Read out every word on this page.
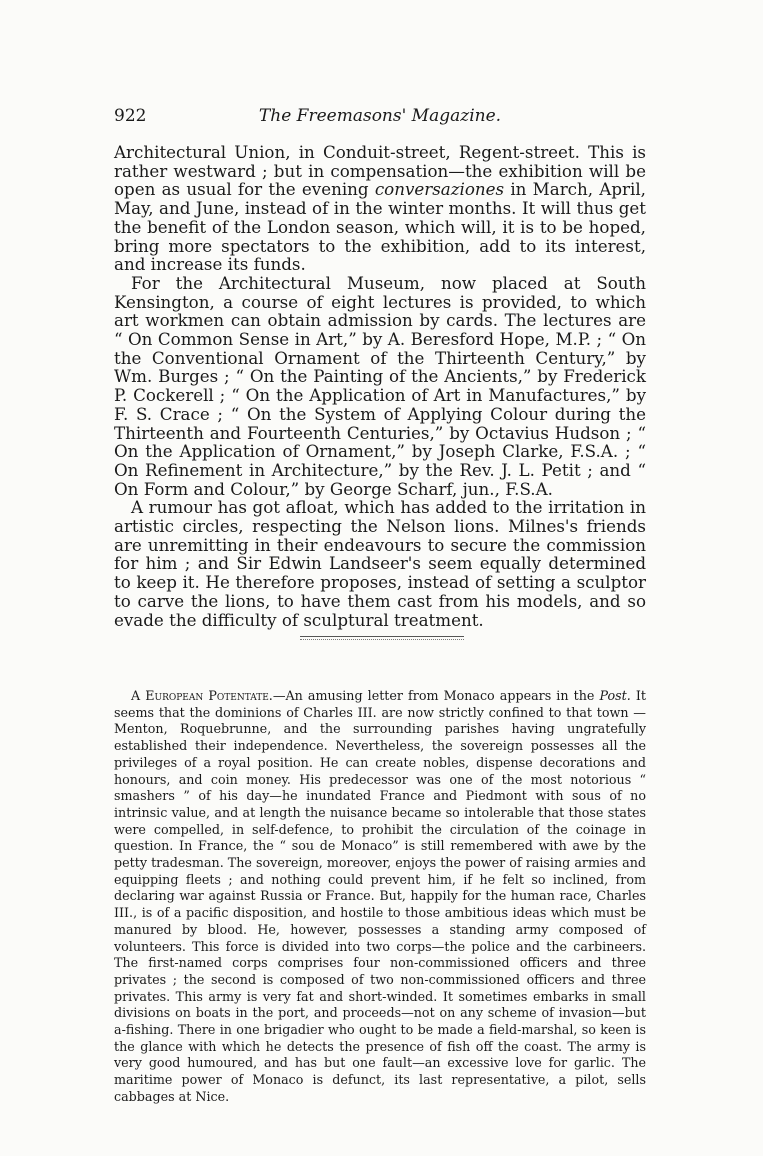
922	The Freemasons' Magazine.

Architectural Union, in Conduit-street, Regent-street. This is rather westward ; but in compensation—the exhibition will be open as usual for the evening conversaziones in March, April, May, and June, instead of in the winter months. It will thus get the benefit of the London season, which will, it is to be hoped, bring more spectators to the exhibition, add to its interest, and increase its funds.

For the Architectural Museum, now placed at South Kensington, a course of eight lectures is provided, to which art workmen can obtain admission by cards. The lectures are “ On Common Sense in Art,” by A. Beresford Hope, M.P. ; “ On the Conventional Ornament of the Thirteenth Century,” by Wm. Burges ; “ On the Painting of the Ancients,” by Frederick P. Cockerell ; “ On the Application of Art in Manufactures,” by F. S. Crace ; “ On the System of Applying Colour during the Thirteenth and Fourteenth Centuries,” by Octavius Hudson ; “ On the Application of Ornament,” by Joseph Clarke, F.S.A. ; “ On Refinement in Architecture,” by the Rev. J. L. Petit ; and “ On Form and Colour,” by George Scharf, jun., F.S.A.

A rumour has got afloat, which has added to the irritation in artistic circles, respecting the Nelson lions. Milnes's friends are unremitting in their endeavours to secure the commission for him ; and Sir Edwin Landseer's seem equally determined to keep it. He therefore proposes, instead of setting a sculptor to carve the lions, to have them cast from his models, and so evade the difficulty of sculptural treatment.

A European Potentate.—An amusing letter from Monaco appears in the Post. It seems that the dominions of Charles III. are now strictly confined to that town —Menton, Roquebrunne, and the surrounding parishes having ungratefully established their independence. Nevertheless, the sovereign possesses all the privileges of a royal position. He can create nobles, dispense decorations and honours, and coin money. His predecessor was one of the most notorious “ smashers ” of his day—he inundated France and Piedmont with sous of no intrinsic value, and at length the nuisance became so intolerable that those states were compelled, in self-defence, to prohibit the circulation of the coinage in question. In France, the “ sou de Monaco” is still remembered with awe by the petty tradesman. The sovereign, moreover, enjoys the power of raising armies and equipping fleets ; and nothing could prevent him, if he felt so inclined, from declaring war against Russia or France. But, happily for the human race, Charles III., is of a pacific disposition, and hostile to those ambitious ideas which must be manured by blood. He, however, possesses a standing army composed of volunteers. This force is divided into two corps—the police and the carbineers. The first-named corps comprises four non-commissioned officers and three privates ; the second is composed of two non-commissioned officers and three privates. This army is very fat and short-winded. It sometimes embarks in small divisions on boats in the port, and proceeds—not on any scheme of invasion—but a-fishing. There in one brigadier who ought to be made a field-marshal, so keen is the glance with which he detects the presence of fish off the coast. The army is very good humoured, and has but one fault—an excessive love for garlic. The maritime power of Monaco is defunct, its last representative, a pilot, sells cabbages at Nice.
